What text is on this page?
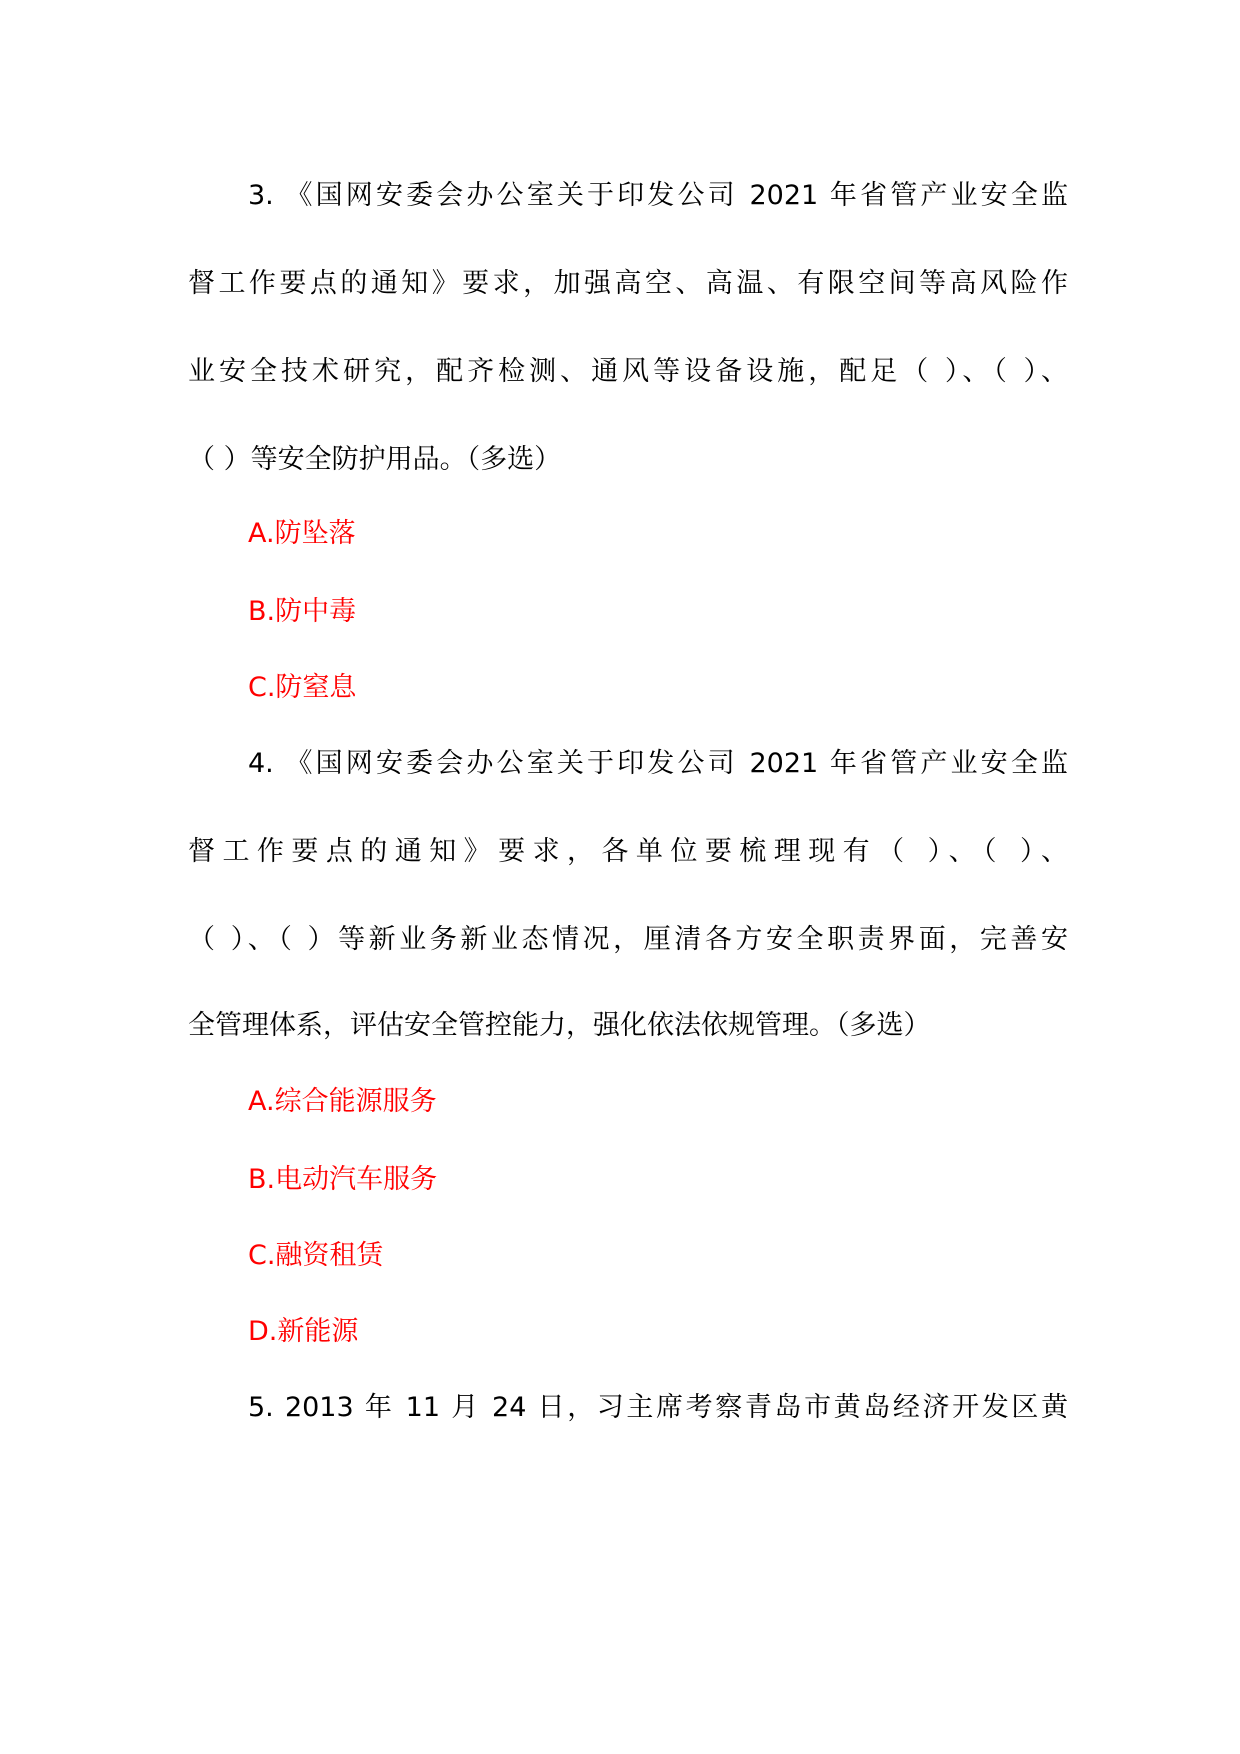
3. 《国网安委会办公室关于印发公司 2021 年省管产业安全监
督工作要点的通知》要求，加强高空、高温、有限空间等高风险作
业安全技术研究，配齐检测、通风等设备设施，配足（ ）、（ ）、
（ ）等安全防护用品。（多选）
A.防坠落
B.防中毒
C.防窒息
4. 《国网安委会办公室关于印发公司 2021 年省管产业安全监
督工作要点的通知》要求，各单位要梳理现有（ ）、（ ）、
（ ）、（ ）等新业务新业态情况，厘清各方安全职责界面，完善安
全管理体系，评估安全管控能力，强化依法依规管理。（多选）
A.综合能源服务
B.电动汽车服务
C.融资租赁
D.新能源
5. 2013 年 11 月 24 日，习主席考察青岛市黄岛经济开发区黄
